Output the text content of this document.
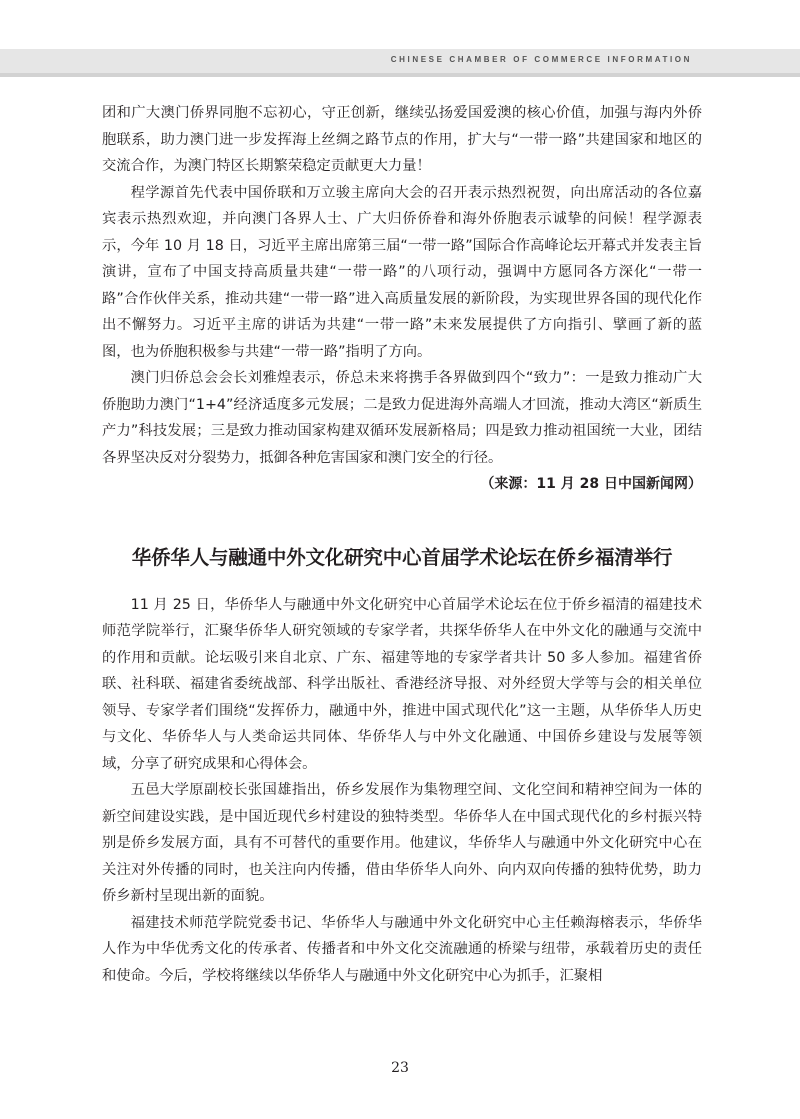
CHINESE CHAMBER OF COMMERCE INFORMATION

团和广大澳门侨界同胞不忘初心，守正创新，继续弘扬爱国爱澳的核心价值，加强与海内外侨胞联系，助力澳门进一步发挥海上丝绸之路节点的作用，扩大与“一带一路”共建国家和地区的交流合作，为澳门特区长期繁荣稳定贡献更大力量！

程学源首先代表中国侨联和万立骏主席向大会的召开表示热烈祝贺，向出席活动的各位嘉宾表示热烈欢迎，并向澳门各界人士、广大归侨侨眷和海外侨胞表示诚挚的问候！程学源表示，今年 10 月 18 日，习近平主席出席第三届“一带一路”国际合作高峰论坛开幕式并发表主旨演讲，宣布了中国支持高质量共建“一带一路”的八项行动，强调中方愿同各方深化“一带一路”合作伙伴关系，推动共建“一带一路”进入高质量发展的新阶段，为实现世界各国的现代化作出不懈努力。习近平主席的讲话为共建“一带一路”未来发展提供了方向指引、擘画了新的蓝图，也为侨胞积极参与共建“一带一路”指明了方向。

澳门归侨总会会长刘雅煌表示，侨总未来将携手各界做到四个“致力”：一是致力推动广大侨胞助力澳门“1+4”经济适度多元发展；二是致力促进海外高端人才回流，推动大湾区“新质生产力”科技发展；三是致力推动国家构建双循环发展新格局；四是致力推动祖国统一大业，团结各界坚决反对分裂势力，抵御各种危害国家和澳门安全的行径。

（来源：11 月 28 日中国新闻网）

华侨华人与融通中外文化研究中心首届学术论坛在侨乡福清举行

11 月 25 日，华侨华人与融通中外文化研究中心首届学术论坛在位于侨乡福清的福建技术师范学院举行，汇聚华侨华人研究领域的专家学者，共探华侨华人在中外文化的融通与交流中的作用和贡献。论坛吸引来自北京、广东、福建等地的专家学者共计 50 多人参加。福建省侨联、社科联、福建省委统战部、科学出版社、香港经济导报、对外经贸大学等与会的相关单位领导、专家学者们围绕“发挥侨力，融通中外，推进中国式现代化”这一主题，从华侨华人历史与文化、华侨华人与人类命运共同体、华侨华人与中外文化融通、中国侨乡建设与发展等领域，分享了研究成果和心得体会。

五邑大学原副校长张国雄指出，侨乡发展作为集物理空间、文化空间和精神空间为一体的新空间建设实践，是中国近现代乡村建设的独特类型。华侨华人在中国式现代化的乡村振兴特别是侨乡发展方面，具有不可替代的重要作用。他建议，华侨华人与融通中外文化研究中心在关注对外传播的同时，也关注向内传播，借由华侨华人向外、向内双向传播的独特优势，助力侨乡新村呈现出新的面貌。

福建技术师范学院党委书记、华侨华人与融通中外文化研究中心主任赖海榕表示，华侨华人作为中华优秀文化的传承者、传播者和中外文化交流融通的桥梁与纽带，承载着历史的责任和使命。今后，学校将继续以华侨华人与融通中外文化研究中心为抓手，汇聚相

23
